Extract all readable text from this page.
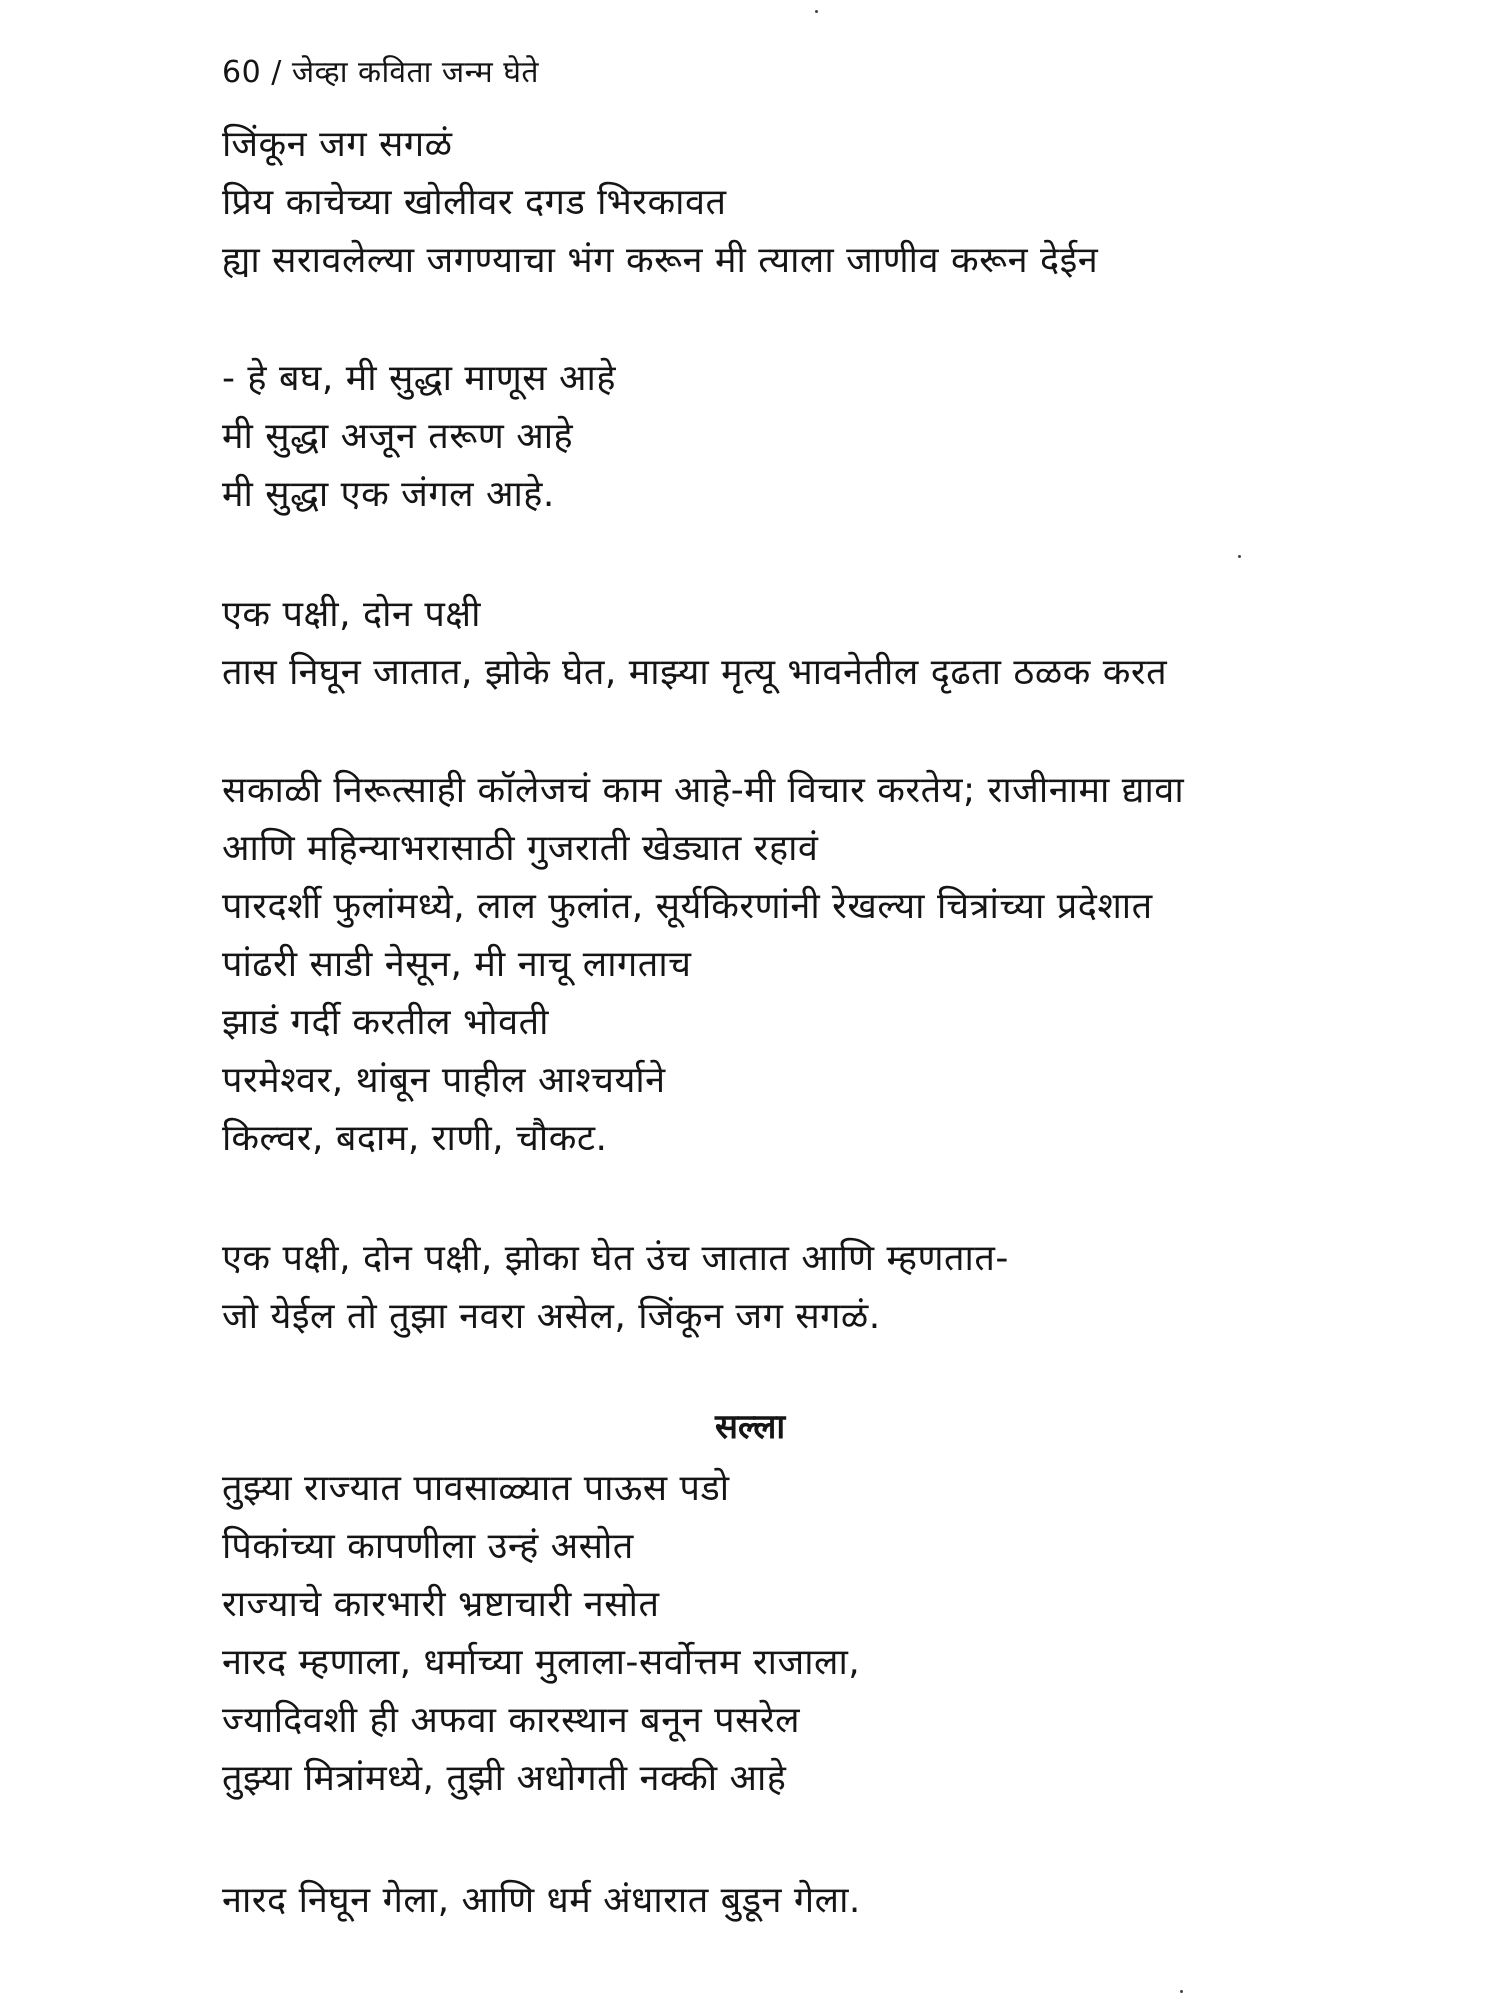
60 / जेव्हा कविता जन्म घेते
जिंकून जग सगळं
प्रिय काचेच्या खोलीवर दगड भिरकावत
ह्या सरावलेल्या जगण्याचा भंग करून मी त्याला जाणीव करून देईन
- हे बघ, मी सुद्धा माणूस आहे
मी सुद्धा अजून तरूण आहे
मी सुद्धा एक जंगल आहे.
एक पक्षी, दोन पक्षी
तास निघून जातात, झोके घेत, माझ्या मृत्यू भावनेतील दृढता ठळक करत
सकाळी निरूत्साही कॉलेजचं काम आहे-मी विचार करतेय; राजीनामा द्यावा
आणि महिन्याभरासाठी गुजराती खेड्यात रहावं
पारदर्शी फुलांमध्ये, लाल फुलांत, सूर्यकिरणांनी रेखल्या चित्रांच्या प्रदेशात
पांढरी साडी नेसून, मी नाचू लागताच
झाडं गर्दी करतील भोवती
परमेश्वर, थांबून पाहील आश्चर्याने
किल्वर, बदाम, राणी, चौकट.
एक पक्षी, दोन पक्षी, झोका घेत उंच जातात आणि म्हणतात-
जो येईल तो तुझा नवरा असेल, जिंकून जग सगळं.
सल्ला
तुझ्या राज्यात पावसाळ्यात पाऊस पडो
पिकांच्या कापणीला उन्हं असोत
राज्याचे कारभारी भ्रष्टाचारी नसोत
नारद म्हणाला, धर्माच्या मुलाला-सर्वोत्तम राजाला,
ज्यादिवशी ही अफवा कारस्थान बनून पसरेल
तुझ्या मित्रांमध्ये, तुझी अधोगती नक्की आहे
नारद निघून गेला, आणि धर्म अंधारात बुडून गेला.
